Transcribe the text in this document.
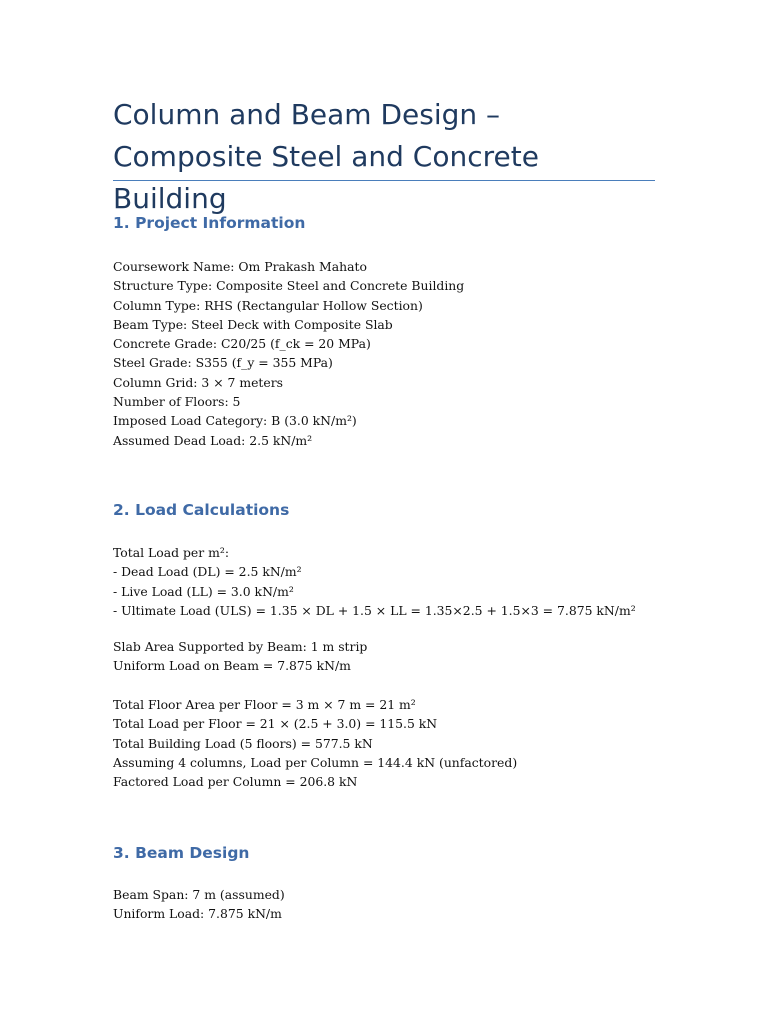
Column and Beam Design – Composite Steel and Concrete Building
1. Project Information
Coursework Name: Om Prakash Mahato
Structure Type: Composite Steel and Concrete Building
Column Type: RHS (Rectangular Hollow Section)
Beam Type: Steel Deck with Composite Slab
Concrete Grade: C20/25 (f_ck = 20 MPa)
Steel Grade: S355 (f_y = 355 MPa)
Column Grid: 3 × 7 meters
Number of Floors: 5
Imposed Load Category: B (3.0 kN/m²)
Assumed Dead Load: 2.5 kN/m²
2. Load Calculations
Total Load per m²:
- Dead Load (DL) = 2.5 kN/m²
- Live Load (LL) = 3.0 kN/m²
- Ultimate Load (ULS) = 1.35 × DL + 1.5 × LL = 1.35×2.5 + 1.5×3 = 7.875 kN/m²
Slab Area Supported by Beam: 1 m strip
Uniform Load on Beam = 7.875 kN/m
Total Floor Area per Floor = 3 m × 7 m = 21 m²
Total Load per Floor = 21 × (2.5 + 3.0) = 115.5 kN
Total Building Load (5 floors) = 577.5 kN
Assuming 4 columns, Load per Column = 144.4 kN (unfactored)
Factored Load per Column = 206.8 kN
3. Beam Design
Beam Span: 7 m (assumed)
Uniform Load: 7.875 kN/m
